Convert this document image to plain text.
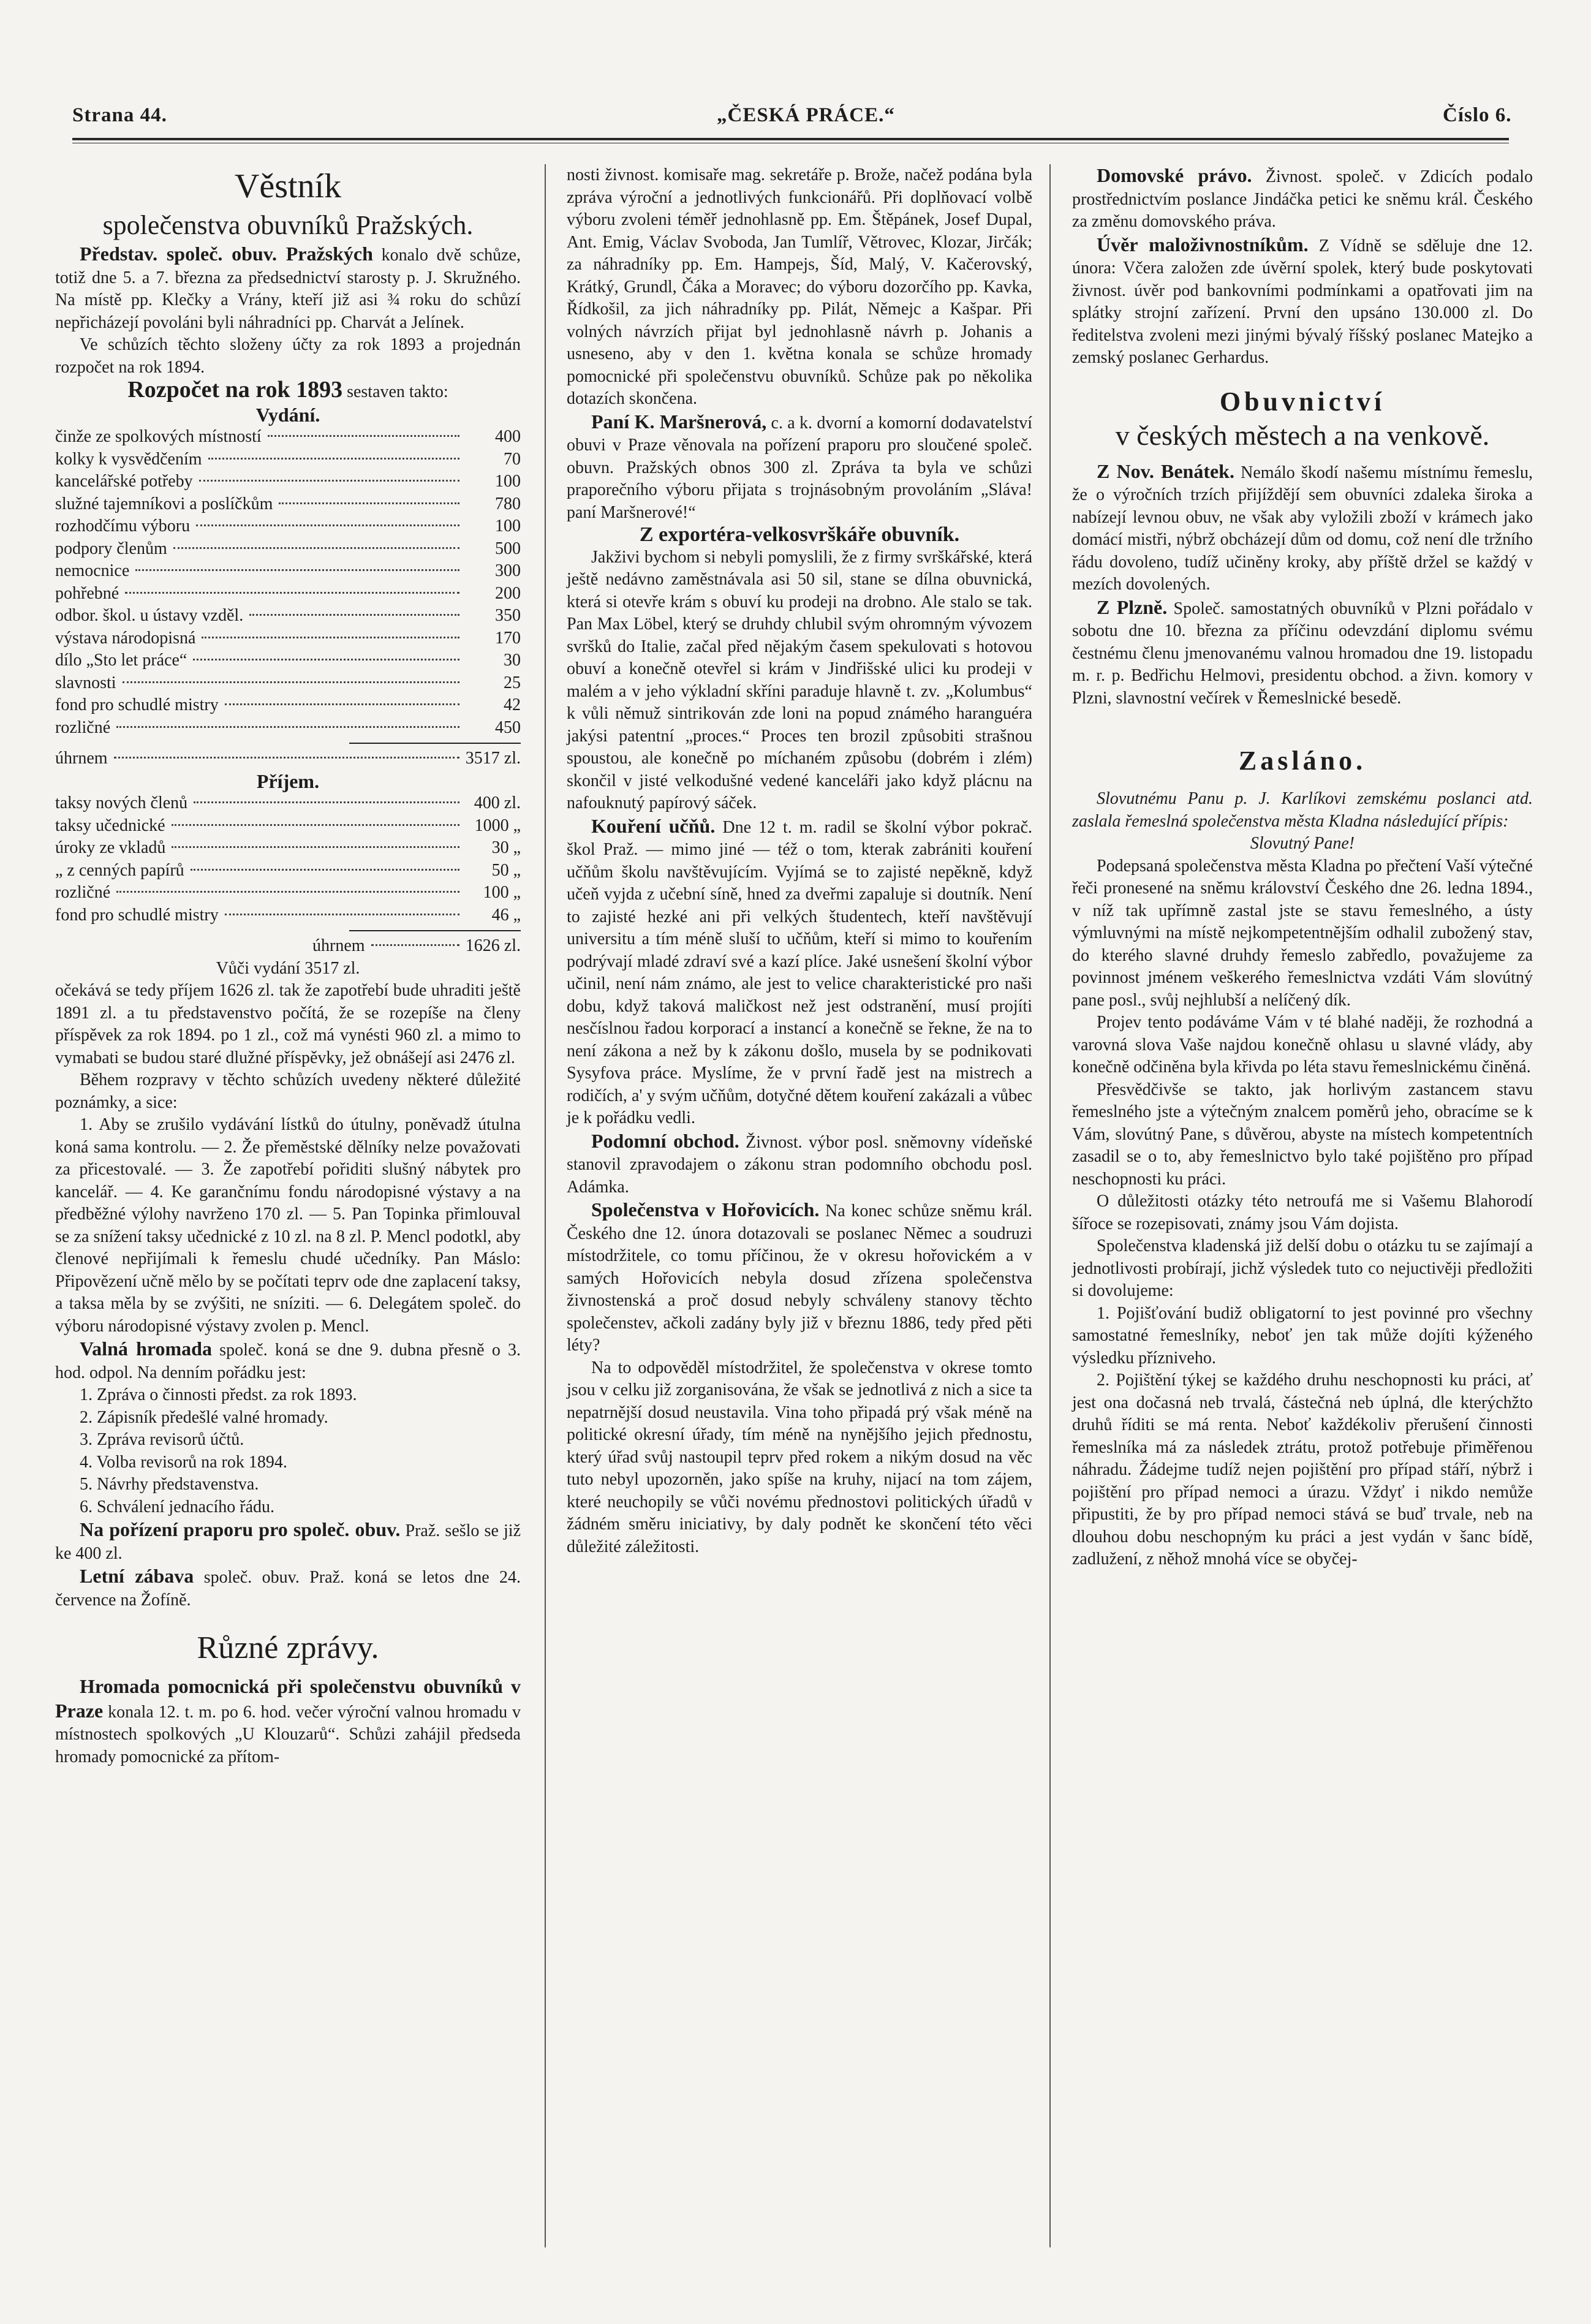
Strana 44.	„ČESKÁ PRÁCE.“	Číslo 6.

Věstník

společenstva obuvníků Pražských.

Představ. společ. obuv. Pražských konalo dvě schůze, totiž dne 5. a 7. března za předsednictví starosty p. J. Skružného. Na místě pp. Klečky a Vrány, kteří již asi ¾ roku do schůzí nepřicházejí povoláni byli náhradníci pp. Charvát a Jelínek.

Ve schůzích těchto složeny účty za rok 1893 a projednán rozpočet na rok 1894.

Rozpočet na rok 1893 sestaven takto:

Vydání.

činže ze spolkových místností	400
kolky k vysvědčením	70
kancelářské potřeby	100
služné tajemníkovi a poslíčkům	780
rozhodčímu výboru	100
podpory členům	500
nemocnice	300
pohřebné	200
odbor. škol. u ústavy vzděl.	350
výstava národopisná	170
dílo „Sto let práce“	30
slavnosti	25
fond pro schudlé mistry	42
rozličné	450
úhrnem	3517 zl.

Příjem.

taksy nových členů	400 zl.
taksy učednické	1000 „
úroky ze vkladů	30 „
„ z cenných papírů	50 „
rozličné	100 „
fond pro schudlé mistry	46 „
úhrnem	1626 zl.

Vůči vydání 3517 zl.

očekává se tedy příjem 1626 zl. tak že zapotřebí bude uhraditi ještě 1891 zl. a tu představenstvo počítá, že se rozepíše na členy příspěvek za rok 1894. po 1 zl., což má vynésti 960 zl. a mimo to vymabati se budou staré dlužné příspěvky, jež obnášejí asi 2476 zl.

Během rozpravy v těchto schůzích uvedeny některé důležité poznámky, a sice:

1. Aby se zrušilo vydávání lístků do útulny, poněvadž útulna koná sama kontrolu. — 2. Že přeměstské dělníky nelze považovati za přicestovalé. — 3. Že zapotřebí pořiditi slušný nábytek pro kancelář. — 4. Ke garančnímu fondu národopisné výstavy a na předběžné výlohy navrženo 170 zl. — 5. Pan Topinka přimlouval se za snížení taksy učednické z 10 zl. na 8 zl. P. Mencl podotkl, aby členové nepřijímali k řemeslu chudé učedníky. Pan Máslo: Připovězení učně mělo by se počítati teprv ode dne zaplacení taksy, a taksa měla by se zvýšiti, ne sníziti. — 6. Delegátem společ. do výboru národopisné výstavy zvolen p. Mencl.

Valná hromada společ. koná se dne 9. dubna přesně o 3. hod. odpol. Na denním pořádku jest:

1. Zpráva o činnosti předst. za rok 1893.

2. Zápisník předešlé valné hromady.

3. Zpráva revisorů účtů.

4. Volba revisorů na rok 1894.

5. Návrhy představenstva.

6. Schválení jednacího řádu.

Na pořízení praporu pro společ. obuv. Praž. sešlo se již ke 400 zl.

Letní zábava společ. obuv. Praž. koná se letos dne 24. července na Žofíně.

Různé zprávy.

Hromada pomocnická při společenstvu obuvníků v Praze konala 12. t. m. po 6. hod. večer výroční valnou hromadu v místnostech spolkových „U Klouzarů“. Schůzi zahájil předseda hromady pomocnické za přítom-

nosti živnost. komisaře mag. sekretáře p. Brože, načež podána byla zpráva výroční a jednotlivých funkcionářů. Při doplňovací volbě výboru zvoleni téměř jednohlasně pp. Em. Štěpánek, Josef Dupal, Ant. Emig, Václav Svoboda, Jan Tumlíř, Větrovec, Klozar, Jirčák; za náhradníky pp. Em. Hampejs, Šíd, Malý, V. Kačerovský, Krátký, Grundl, Čáka a Moravec; do výboru dozorčího pp. Kavka, Řídkošil, za jich náhradníky pp. Pilát, Němejc a Kašpar. Při volných návrzích přijat byl jednohlasně návrh p. Johanis a usneseno, aby v den 1. května konala se schůze hromady pomocnické při společenstvu obuvníků. Schůze pak po několika dotazích skončena.

Paní K. Maršnerová, c. a k. dvorní a komorní dodavatelství obuvi v Praze věnovala na pořízení praporu pro sloučené společ. obuvn. Pražských obnos 300 zl. Zpráva ta byla ve schůzi praporečního výboru přijata s trojnásobným provoláním „Sláva! paní Maršnerové!“

Z exportéra-velkosvrškáře obuvník.

Jakživi bychom si nebyli pomyslili, že z firmy svrškářské, která ještě nedávno zaměstnávala asi 50 sil, stane se dílna obuvnická, která si otevře krám s obuví ku prodeji na drobno. Ale stalo se tak. Pan Max Löbel, který se druhdy chlubil svým ohromným vývozem svršků do Italie, začal před nějakým časem spekulovati s hotovou obuví a konečně otevřel si krám v Jindřišské ulici ku prodeji v malém a v jeho výkladní skříni paraduje hlavně t. zv. „Kolumbus“ k vůli němuž sintrikován zde loni na popud známého haranguéra jakýsi patentní „proces.“ Proces ten brozil způsobiti strašnou spoustou, ale konečně po míchaném způsobu (dobrém i zlém) skončil v jisté velkodušné vedené kanceláři jako když plácnu na nafouknutý papírový sáček.

Kouření učňů. Dne 12 t. m. radil se školní výbor pokrač. škol Praž. — mimo jiné — též o tom, kterak zabrániti kouření učňům školu navštěvujícím. Vyjímá se to zajisté nepěkně, když učeň vyjda z učební síně, hned za dveřmi zapaluje si doutník. Není to zajisté hezké ani při velkých študentech, kteří navštěvují universitu a tím méně sluší to učňům, kteří si mimo to kouřením podrývají mladé zdraví své a kazí plíce. Jaké usnešení školní výbor učinil, není nám známo, ale jest to velice charakteristické pro naši dobu, když taková maličkost než jest odstranění, musí projíti nesčíslnou řadou korporací a instancí a konečně se řekne, že na to není zákona a než by k zákonu došlo, musela by se podnikovati Sysyfova práce. Myslíme, že v první řadě jest na mistrech a rodičích, a' y svým učňům, dotyčné dětem kouření zakázali a vůbec je k pořádku vedli.

Podomní obchod. Živnost. výbor posl. sněmovny vídeňské stanovil zpravodajem o zákonu stran podomního obchodu posl. Adámka.

Společenstva v Hořovicích. Na konec schůze sněmu král. Českého dne 12. února dotazovali se poslanec Němec a soudruzi místodržitele, co tomu příčinou, že v okresu hořovickém a v samých Hořovicích nebyla dosud zřízena společenstva živnostenská a proč dosud nebyly schváleny stanovy těchto společenstev, ačkoli zadány byly již v březnu 1886, tedy před pěti léty?

Na to odpověděl místodržitel, že společenstva v okrese tomto jsou v celku již zorganisována, že však se jednotlivá z nich a sice ta nepatrnější dosud neustavila. Vina toho připadá prý však méně na politické okresní úřady, tím méně na nynějšího jejich přednostu, který úřad svůj nastoupil teprv před rokem a nikým dosud na věc tuto nebyl upozorněn, jako spíše na kruhy, nijací na tom zájem, které neuchopily se vůči novému přednostovi politických úřadů v žádném směru iniciativy, by daly podnět ke skončení této věci důležité záležitosti.

Domovské právo. Živnost. společ. v Zdicích podalo prostřednictvím poslance Jindáčka petici ke sněmu král. Českého za změnu domovského práva.

Úvěr maloživnostníkům. Z Vídně se sděluje dne 12. února: Včera založen zde úvěrní spolek, který bude poskytovati živnost. úvěr pod bankovními podmínkami a opatřovati jim na splátky strojní zařízení. První den upsáno 130.000 zl. Do ředitelstva zvoleni mezi jinými bývalý říšský poslanec Matejko a zemský poslanec Gerhardus.

Obuvnictví

v českých městech a na venkově.

Z Nov. Benátek. Nemálo škodí našemu místnímu řemeslu, že o výročních trzích přijíždějí sem obuvníci zdaleka široka a nabízejí levnou obuv, ne však aby vyložili zboží v krámech jako domácí mistři, nýbrž obcházejí dům od domu, což není dle tržního řádu dovoleno, tudíž učiněny kroky, aby příště držel se každý v mezích dovolených.

Z Plzně. Společ. samostatných obuvníků v Plzni pořádalo v sobotu dne 10. března za příčinu odevzdání diplomu svému čestnému členu jmenovanému valnou hromadou dne 19. listopadu m. r. p. Bedřichu Helmovi, presidentu obchod. a živn. komory v Plzni, slavnostní večírek v Řemeslnické besedě.

Zasláno.

Slovutnému Panu p. J. Karlíkovi zemskému poslanci atd. zaslala řemeslná společenstva města Kladna následující přípis:

Slovutný Pane!

Podepsaná společenstva města Kladna po přečtení Vaší výtečné řeči pronesené na sněmu království Českého dne 26. ledna 1894., v níž tak upřímně zastal jste se stavu řemeslného, a ústy výmluvnými na místě nejkompetentnějším odhalil zubožený stav, do kterého slavné druhdy řemeslo zabředlo, považujeme za povinnost jménem veškerého řemeslnictva vzdáti Vám slovútný pane posl., svůj nejhlubší a nelíčený dík.

Projev tento podáváme Vám v té blahé naději, že rozhodná a varovná slova Vaše najdou konečně ohlasu u slavné vlády, aby konečně odčiněna byla křivda po léta stavu řemeslnickému činěná.

Přesvědčivše se takto, jak horlivým zastancem stavu řemeslného jste a výtečným znalcem poměrů jeho, obracíme se k Vám, slovútný Pane, s důvěrou, abyste na místech kompetentních zasadil se o to, aby řemeslnictvo bylo také pojištěno pro případ neschopnosti ku práci.

O důležitosti otázky této netroufá me si Vašemu Blahorodí šířoce se rozepisovati, známy jsou Vám dojista.

Společenstva kladenská již delší dobu o otázku tu se zajímají a jednotlivosti probírají, jichž výsledek tuto co nejuctivěji předložiti si dovolujeme:

1. Pojišťování budiž obligatorní to jest povinné pro všechny samostatné řemeslníky, neboť jen tak může dojíti kýženého výsledku přízniveho.

2. Pojištění týkej se každého druhu neschopnosti ku práci, ať jest ona dočasná neb trvalá, částečná neb úplná, dle kterýchžto druhů říditi se má renta. Neboť každékoliv přerušení činnosti řemeslníka má za následek ztrátu, protož potřebuje přiměřenou náhradu. Žádejme tudíž nejen pojištění pro případ stáří, nýbrž i pojištění pro případ nemoci a úrazu. Vždyť i nikdo nemůže připustiti, že by pro případ nemoci stává se buď trvale, neb na dlouhou dobu neschopným ku práci a jest vydán v šanc bídě, zadlužení, z něhož mnohá více se obyčej-
